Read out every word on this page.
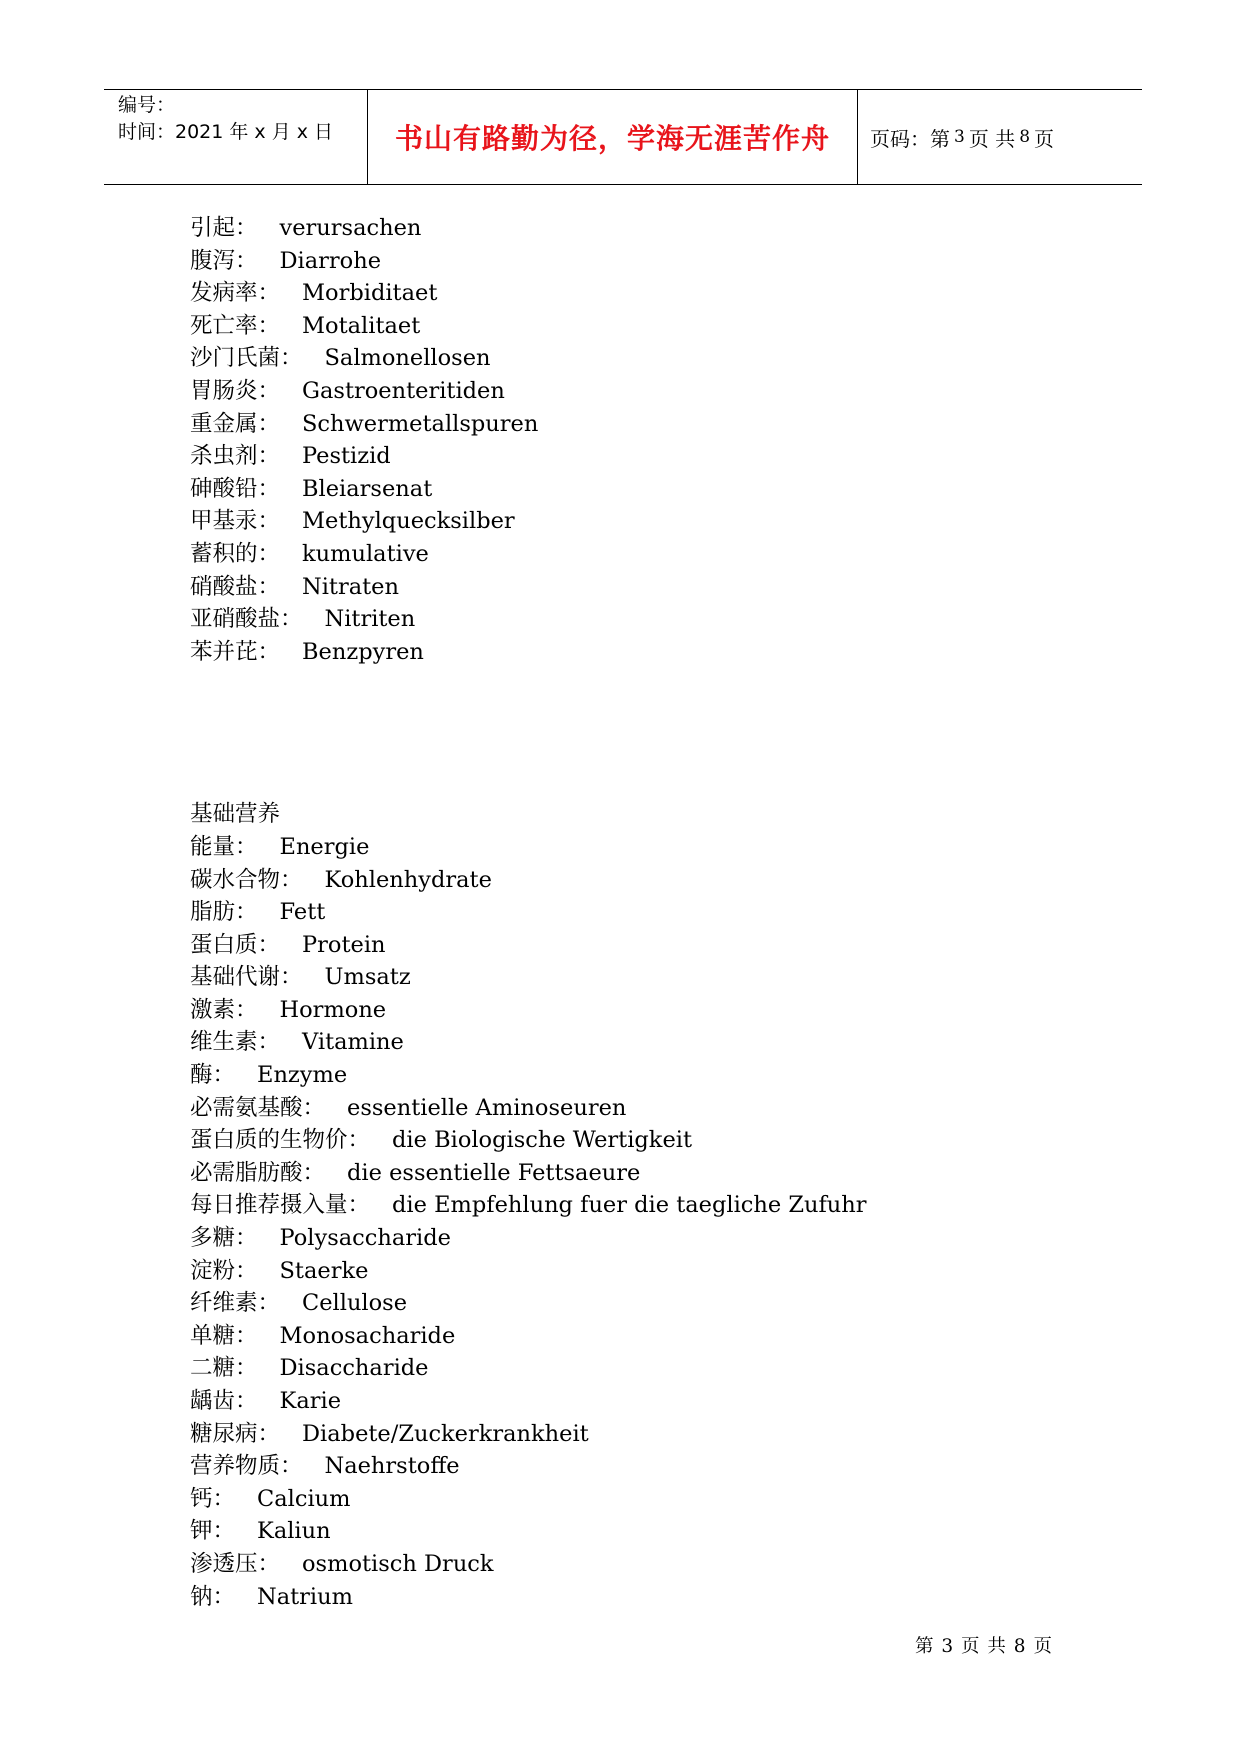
编号：
时间：2021 年 x 月 x 日	书山有路勤为径，学海无涯苦作舟	页码：第 3 页 共 8 页
引起： verursachen
腹泻： Diarrohe
发病率： Morbiditaet
死亡率： Motalitaet
沙门氏菌： Salmonellosen
胃肠炎： Gastroenteritiden
重金属： Schwermetallspuren
杀虫剂： Pestizid
砷酸铅： Bleiarsenat
甲基汞： Methylquecksilber
蓄积的： kumulative
硝酸盐： Nitraten
亚硝酸盐： Nitriten
苯并芘： Benzpyren
基础营养
能量： Energie
碳水合物： Kohlenhydrate
脂肪： Fett
蛋白质： Protein
基础代谢： Umsatz
激素： Hormone
维生素： Vitamine
酶： Enzyme
必需氨基酸： essentielle Aminoseuren
蛋白质的生物价： die Biologische Wertigkeit
必需脂肪酸： die essentielle Fettsaeure
每日推荐摄入量： die Empfehlung fuer die taegliche Zufuhr
多糖： Polysaccharide
淀粉： Staerke
纤维素： Cellulose
单糖： Monosacharide
二糖： Disaccharide
龋齿： Karie
糖尿病： Diabete/Zuckerkrankheit
营养物质： Naehrstoffe
钙： Calcium
钾： Kaliun
渗透压： osmotisch Druck
钠： Natrium
第 3 页 共 8 页
